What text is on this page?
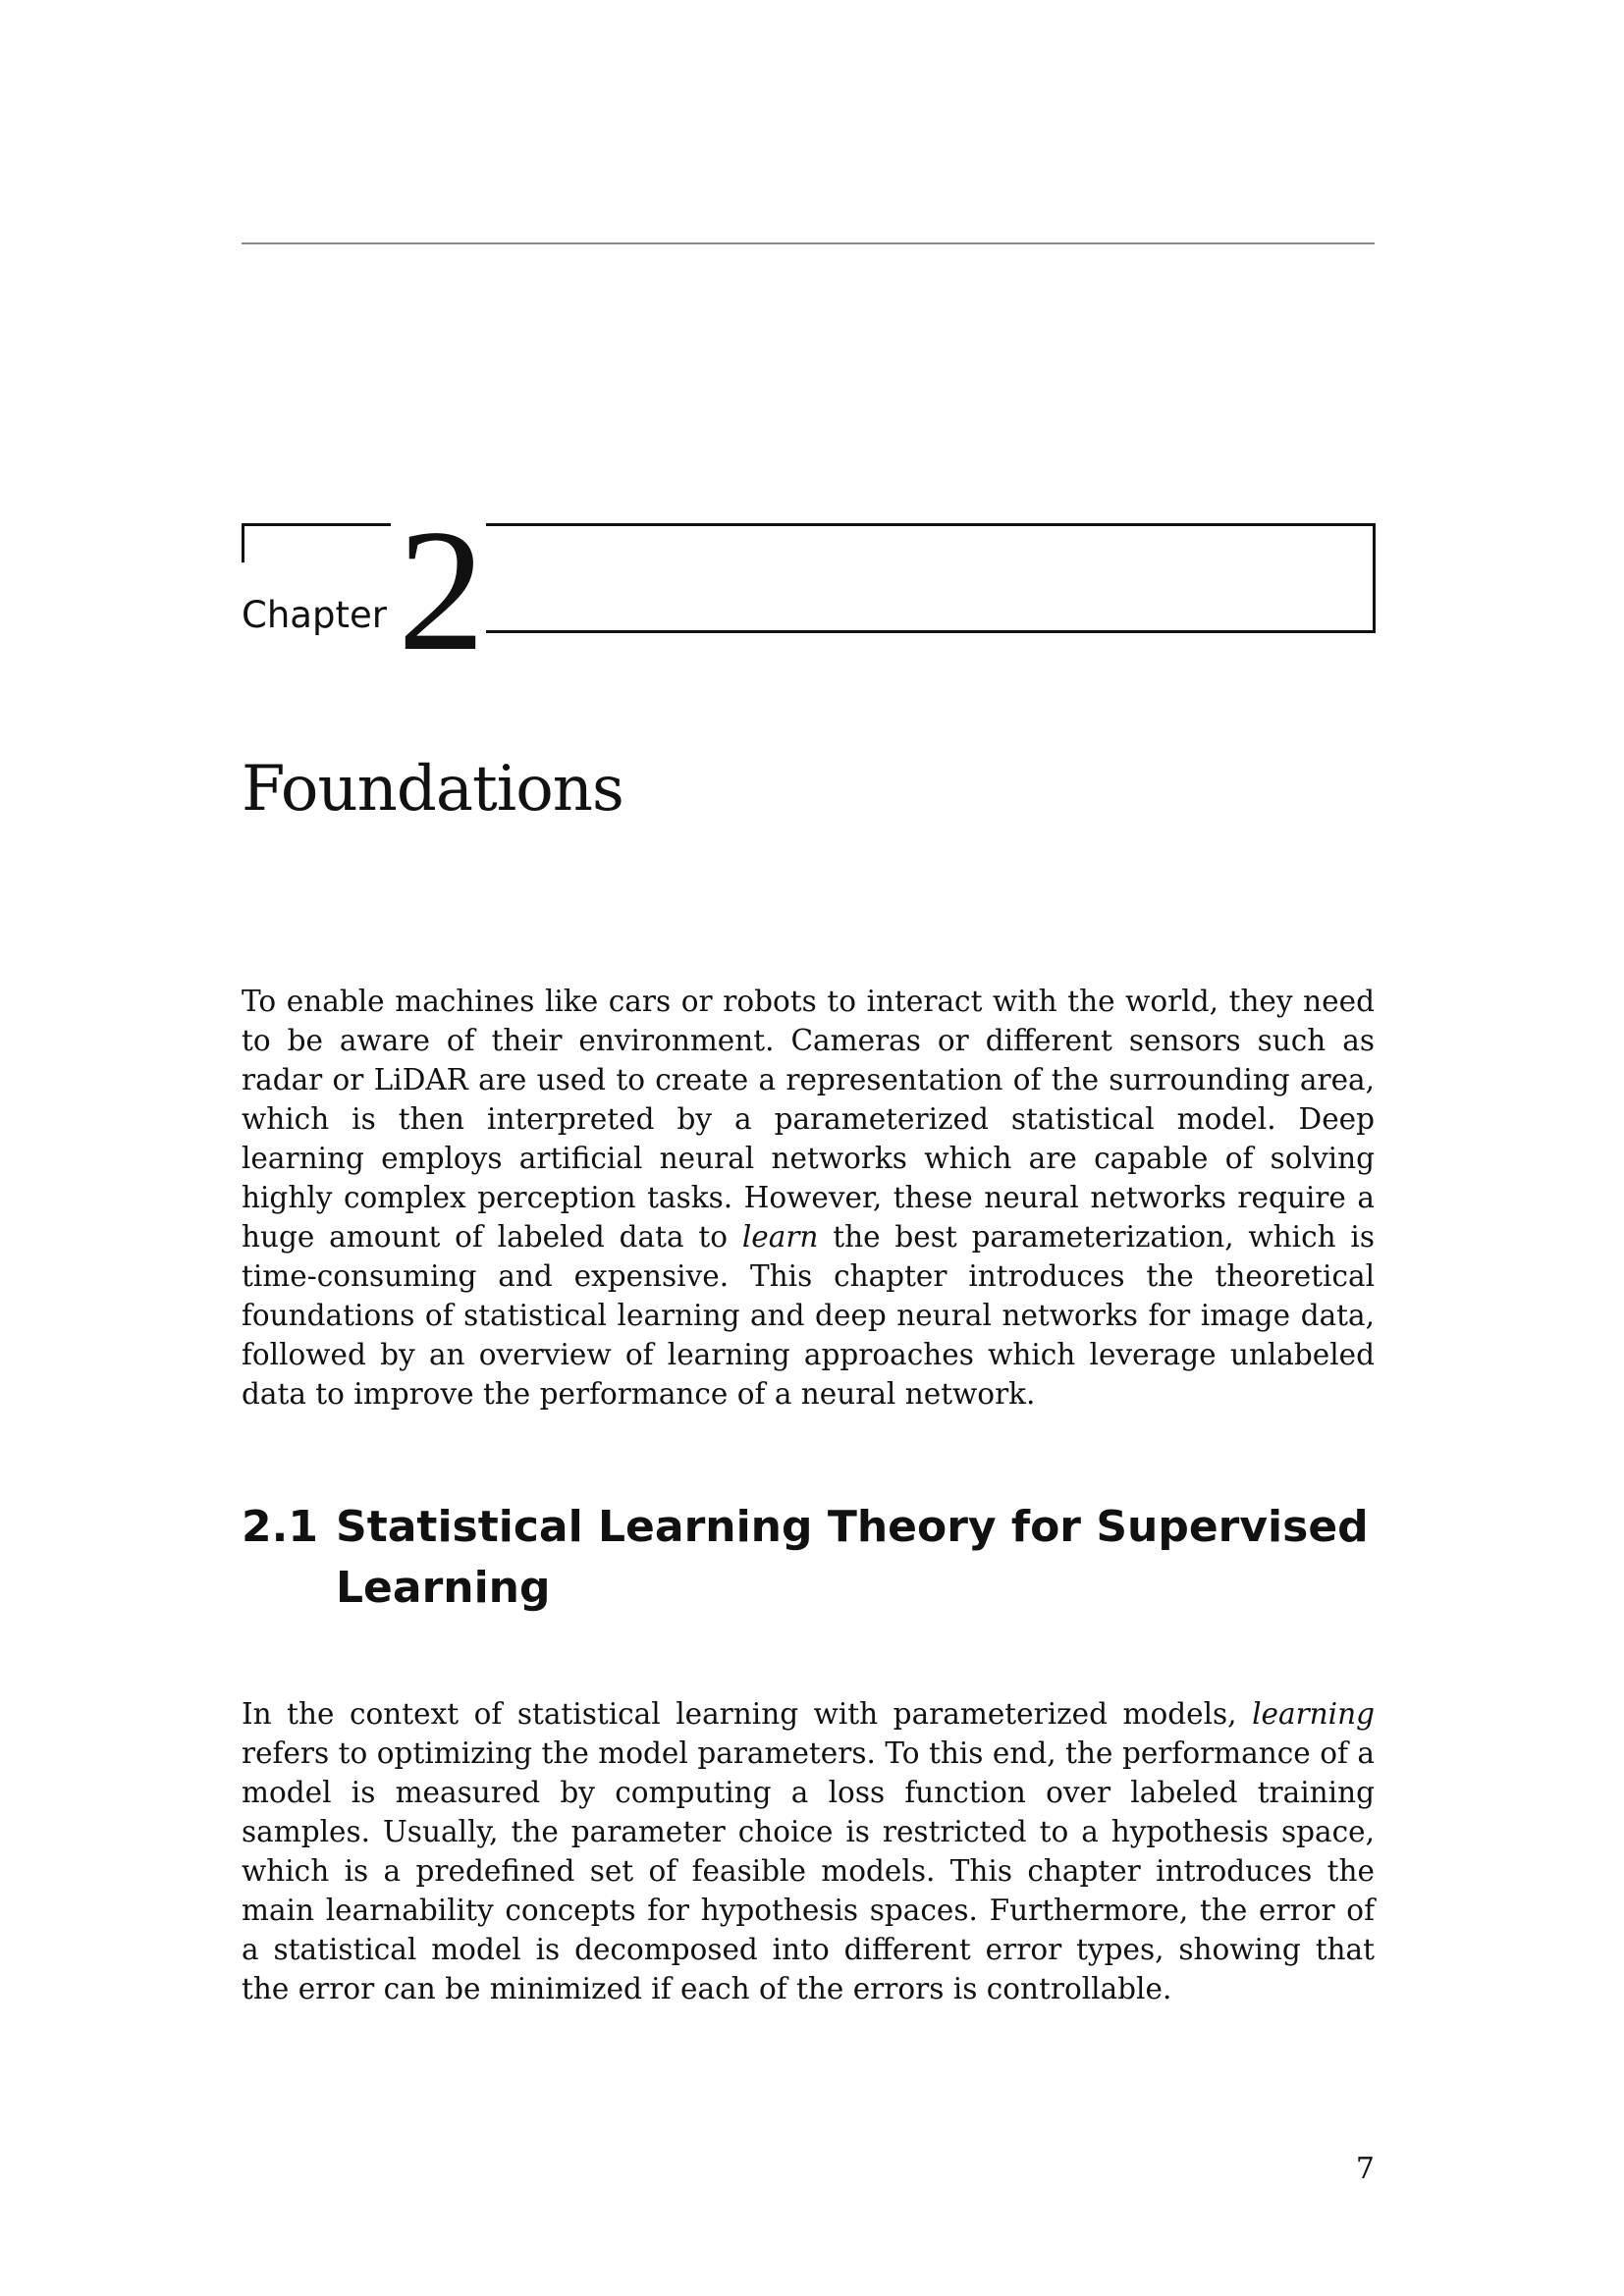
Chapter 2
Foundations

To enable machines like cars or robots to interact with the world, they need to be aware of their environment. Cameras or different sensors such as radar or LiDAR are used to create a representation of the surrounding area, which is then interpreted by a parameterized statistical model. Deep learning employs artificial neural networks which are capable of solving highly complex perception tasks. However, these neural networks require a huge amount of labeled data to learn the best parameterization, which is time-consuming and expensive. This chapter introduces the theoretical foundations of statistical learning and deep neural networks for image data, followed by an overview of learning approaches which leverage unlabeled data to improve the performance of a neural network.

2.1 Statistical Learning Theory for Supervised Learning

In the context of statistical learning with parameterized models, learning refers to optimizing the model parameters. To this end, the performance of a model is measured by computing a loss function over labeled training samples. Usually, the parameter choice is restricted to a hypothesis space, which is a predefined set of feasible models. This chapter introduces the main learnability concepts for hypothesis spaces. Furthermore, the error of a statistical model is decomposed into different error types, showing that the error can be minimized if each of the errors is controllable.

7
